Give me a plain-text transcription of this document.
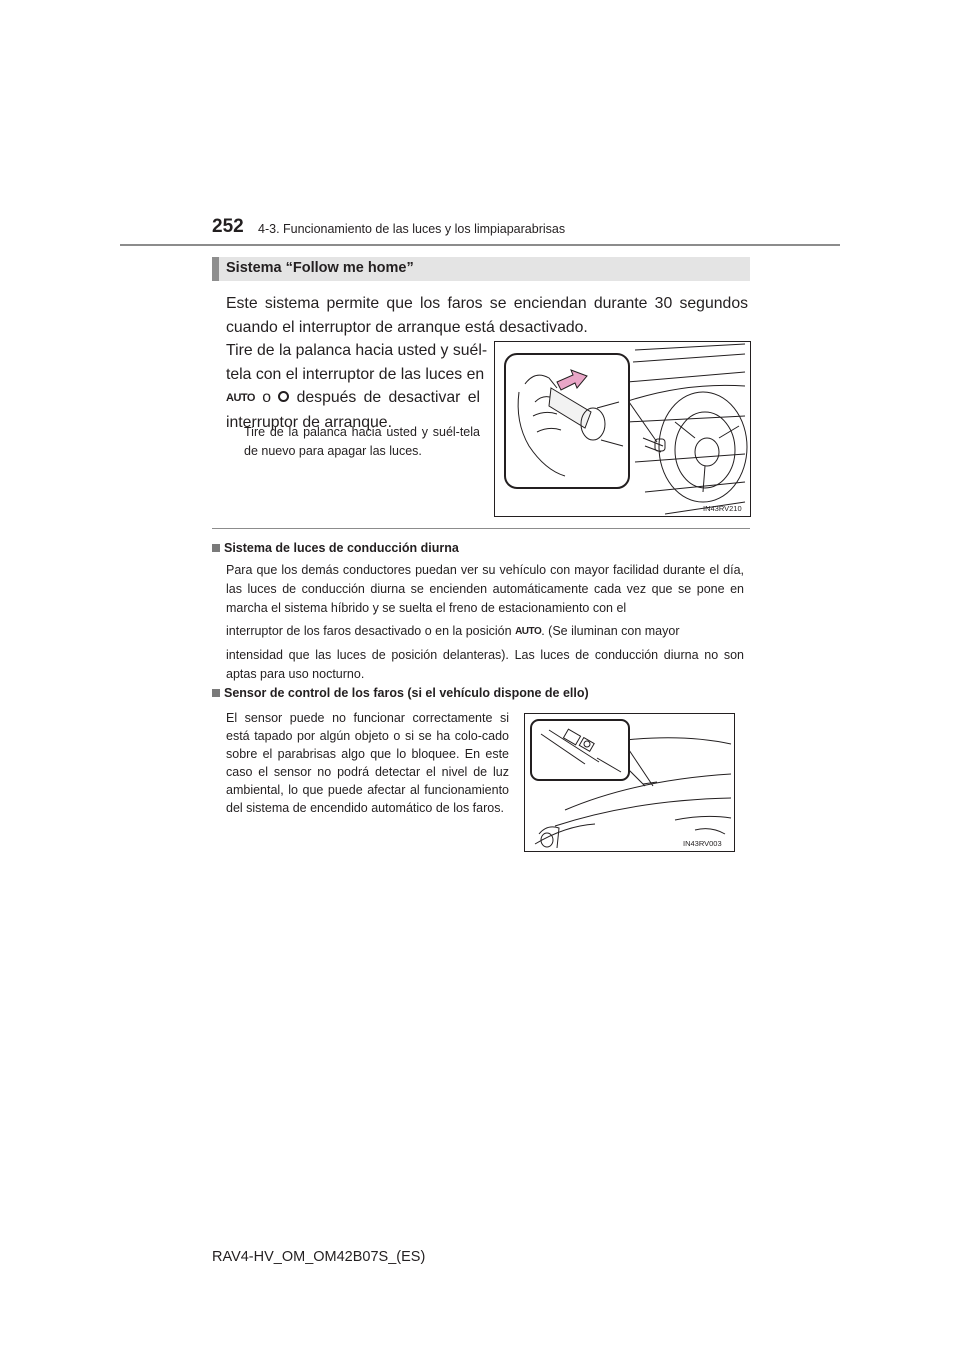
252 4-3. Funcionamiento de las luces y los limpiaparabrisas
Sistema “Follow me home”
Este sistema permite que los faros se enciendan durante 30 segundos cuando el interruptor de arranque está desactivado.
Tire de la palanca hacia usted y suél-
tela con el interruptor de las luces en
AUTO o después de desactivar el
interruptor de arranque.
Tire de la palanca hacia usted y suél-tela de nuevo para apagar las luces.
IN43RV210
Sistema de luces de conducción diurna
Para que los demás conductores puedan ver su vehículo con mayor facilidad durante el día, las luces de conducción diurna se encienden automáticamente cada vez que se pone en marcha el sistema híbrido y se suelta el freno de estacionamiento con el
interruptor de los faros desactivado o en la posición AUTO. (Se iluminan con mayor
intensidad que las luces de posición delanteras). Las luces de conducción diurna no son aptas para uso nocturno.
Sensor de control de los faros (si el vehículo dispone de ello)
El sensor puede no funcionar correctamente si está tapado por algún objeto o si se ha colo-cado sobre el parabrisas algo que lo bloquee. En este caso el sensor no podrá detectar el nivel de luz ambiental, lo que puede afectar al funcionamiento del sistema de encendido automático de los faros.
IN43RV003
RAV4-HV_OM_OM42B07S_(ES)
